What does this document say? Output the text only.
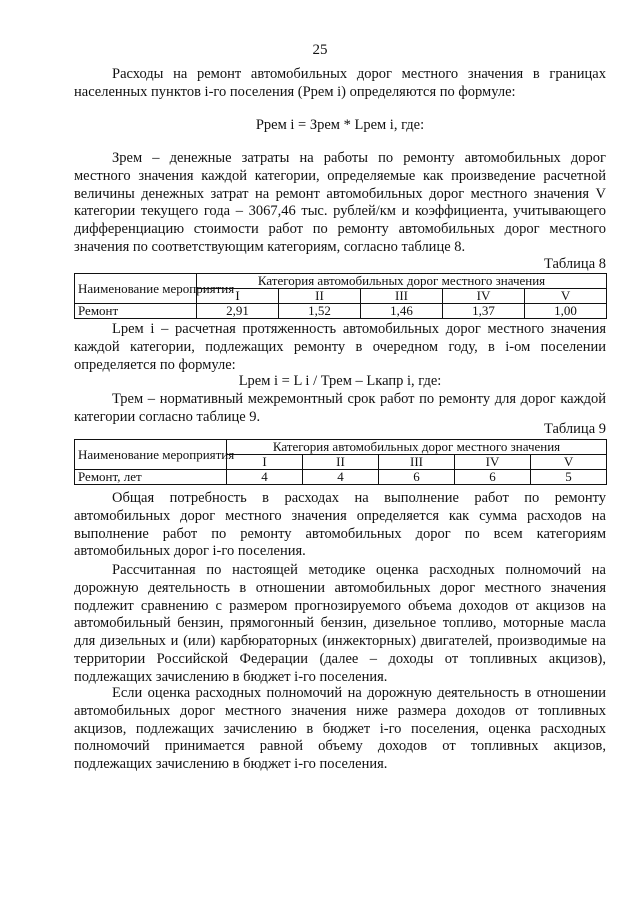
25
Расходы на ремонт автомобильных дорог местного значения в границах населенных пунктов i-го поселения (Ррем i) определяются по формуле:
Ррем i = Зрем * Lрем i, где:
Зрем – денежные затраты на работы по ремонту автомобильных дорог местного значения каждой категории, определяемые как произведение расчетной величины денежных затрат на ремонт автомобильных дорог местного значения V категории текущего года – 3067,46 тыс. рублей/км и коэффициента, учитывающего дифференциацию стоимости работ по ремонту автомобильных дорог местного значения по соответствующим категориям, согласно таблице 8.
Таблица 8
Наименование мероприятия	Категория автомобильных дорог местного значения				
	I	II	III	IV	V
Ремонт	2,91	1,52	1,46	1,37	1,00
Lрем i – расчетная протяженность автомобильных дорог местного значения каждой категории, подлежащих ремонту в очередном году, в i-ом поселении определяется по формуле:
Lрем i = L i / Трем – Lкапр i, где:
Трем – нормативный межремонтный срок работ по ремонту для дорог каждой категории согласно таблице 9.
Таблица 9
Наименование мероприятия	Категория автомобильных дорог местного значения				
	I	II	III	IV	V
Ремонт, лет	4	4	6	6	5
Общая потребность в расходах на выполнение работ по ремонту автомобильных дорог местного значения определяется как сумма расходов на выполнение работ по ремонту автомобильных дорог по всем категориям автомобильных дорог i-го поселения.
Рассчитанная по настоящей методике оценка расходных полномочий на дорожную деятельность в отношении автомобильных дорог местного значения подлежит сравнению с размером прогнозируемого объема доходов от акцизов на автомобильный бензин, прямогонный бензин, дизельное топливо, моторные масла для дизельных и (или) карбюраторных (инжекторных) двигателей, производимые на территории Российской Федерации (далее – доходы от топливных акцизов), подлежащих зачислению в бюджет i-го поселения.
Если оценка расходных полномочий на дорожную деятельность в отношении автомобильных дорог местного значения ниже размера доходов от топливных акцизов, подлежащих зачислению в бюджет i-го поселения, оценка расходных полномочий принимается равной объему доходов от топливных акцизов, подлежащих зачислению в бюджет i-го поселения.
